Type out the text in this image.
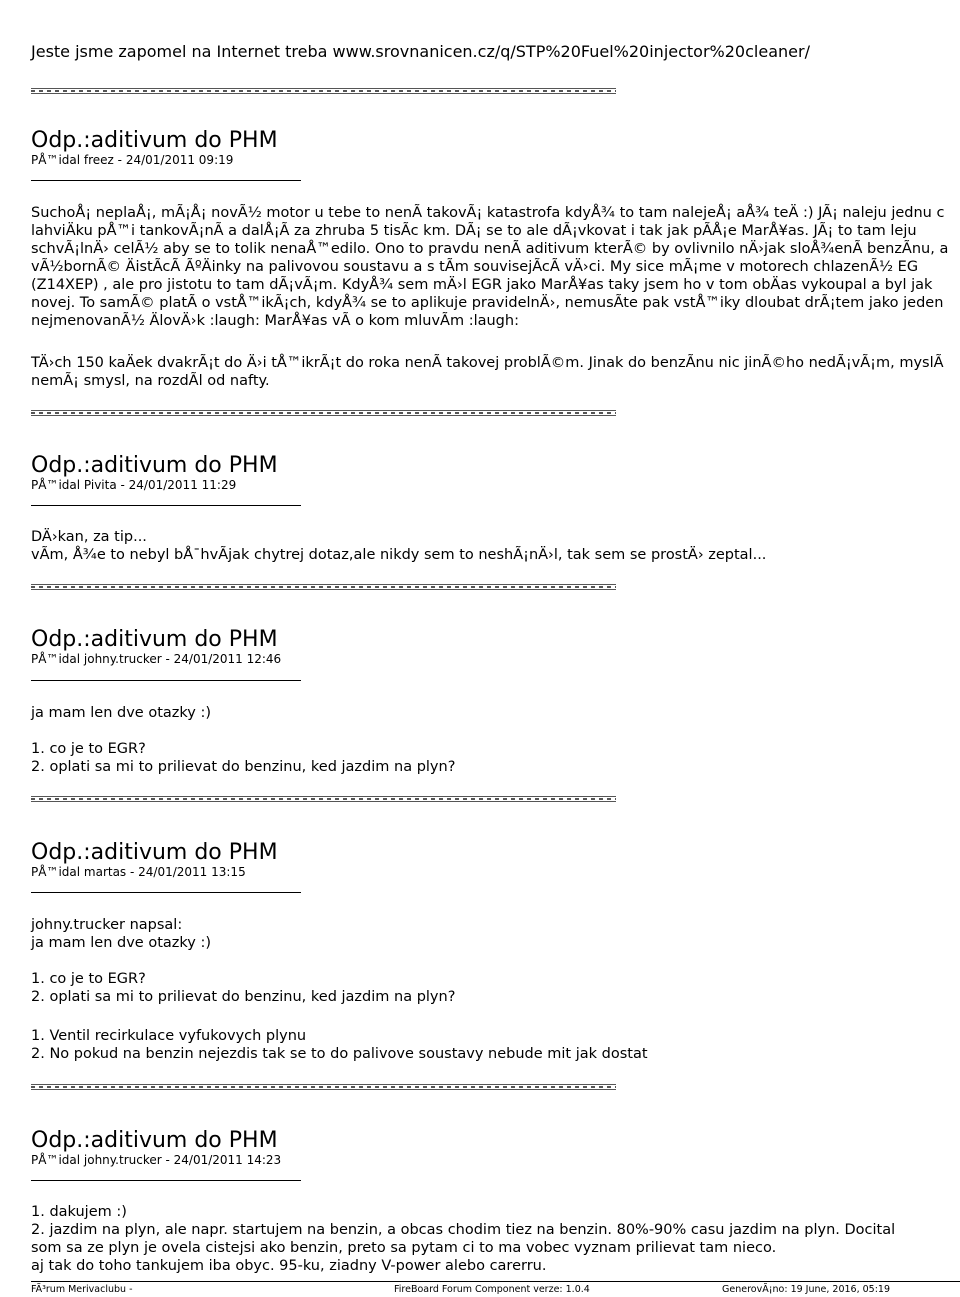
Jeste jsme zapomel na Internet treba www.srovnanicen.cz/q/STP%20Fuel%20injector%20cleaner/
Odp.:aditivum do PHM
PÅ™idal freez - 24/01/2011 09:19
SuchoÅ¡ neplaÅ¡, mÃ¡Å¡ novÃ½ motor u tebe to nenÃ takovÃ¡ katastrofa kdyÅ¾ to tam nalejeÅ¡ aÅ¾ teÄ :) JÃ¡ naleju jednu c
lahviÄku pÅ™i tankovÃ¡nÃ a dalÅ¡Ã za zhruba 5 tisÃc km. DÃ¡ se to ale dÃ¡vkovat i tak jak pÃÅ¡e MarÅ¥as. JÃ¡ to tam leju
schvÃ¡lnÄ› celÃ½ aby se to tolik nenaÅ™edilo. Ono to pravdu nenÃ aditivum kterÃ© by ovlivnilo nÄ›jak sloÅ¾enÃ benzÃnu, a
vÃ½bornÃ© ÄistÃcÃ ÃºÄinky na palivovou soustavu a s tÃm souvisejÃcÃ vÄ›ci. My sice mÃ¡me v motorech chlazenÃ½ EG
(Z14XEP) , ale pro jistotu to tam dÃ¡vÃ¡m. KdyÅ¾ sem mÄ›l EGR jako MarÅ¥as taky jsem ho v tom obÄas vykoupal a byl jak
novej. To samÃ© platÃ o vstÅ™ikÃ¡ch, kdyÅ¾ se to aplikuje pravidelnÄ›, nemusÃte pak vstÅ™iky dloubat drÃ¡tem jako jeden
nejmenovanÃ½ ÄlovÄ›k :laugh: MarÅ¥as vÃ o kom mluvÃm :laugh:
TÄ›ch 150 kaÄek dvakrÃ¡t do Ä›i tÅ™ikrÃ¡t do roka nenÃ takovej problÃ©m. Jinak do benzÃnu nic jinÃ©ho nedÃ¡vÃ¡m, myslÃ
nemÃ¡ smysl, na rozdÃl od nafty.
Odp.:aditivum do PHM
PÅ™idal Pivita - 24/01/2011 11:29
DÄ›kan, za tip...
vÃm, Å¾e to nebyl bÅ¯hvÃjak chytrej dotaz,ale nikdy sem to neshÃ¡nÄ›l, tak sem se prostÄ› zeptal...
Odp.:aditivum do PHM
PÅ™idal johny.trucker - 24/01/2011 12:46
ja mam len dve otazky :)
1. co je to EGR?
2. oplati sa mi to prilievat do benzinu, ked jazdim na plyn?
Odp.:aditivum do PHM
PÅ™idal martas - 24/01/2011 13:15
johny.trucker napsal:
ja mam len dve otazky :)
1. co je to EGR?
2. oplati sa mi to prilievat do benzinu, ked jazdim na plyn?
1. Ventil recirkulace vyfukovych plynu
2. No pokud na benzin nejezdis tak se to do palivove soustavy nebude mit jak dostat
Odp.:aditivum do PHM
PÅ™idal johny.trucker - 24/01/2011 14:23
1. dakujem :)
2. jazdim na plyn, ale napr. startujem na benzin, a obcas chodim tiez na benzin. 80%-90% casu jazdim na plyn. Docital
som sa ze plyn je ovela cistejsi ako benzin, preto sa pytam ci to ma vobec vyznam prilievat tam nieco.
aj tak do toho tankujem iba obyc. 95-ku, ziadny V-power alebo carerru.
FÃ³rum Merivaclubu -	FireBoard Forum Component verze: 1.0.4	GenerovÃ¡no: 19 June, 2016, 05:19
